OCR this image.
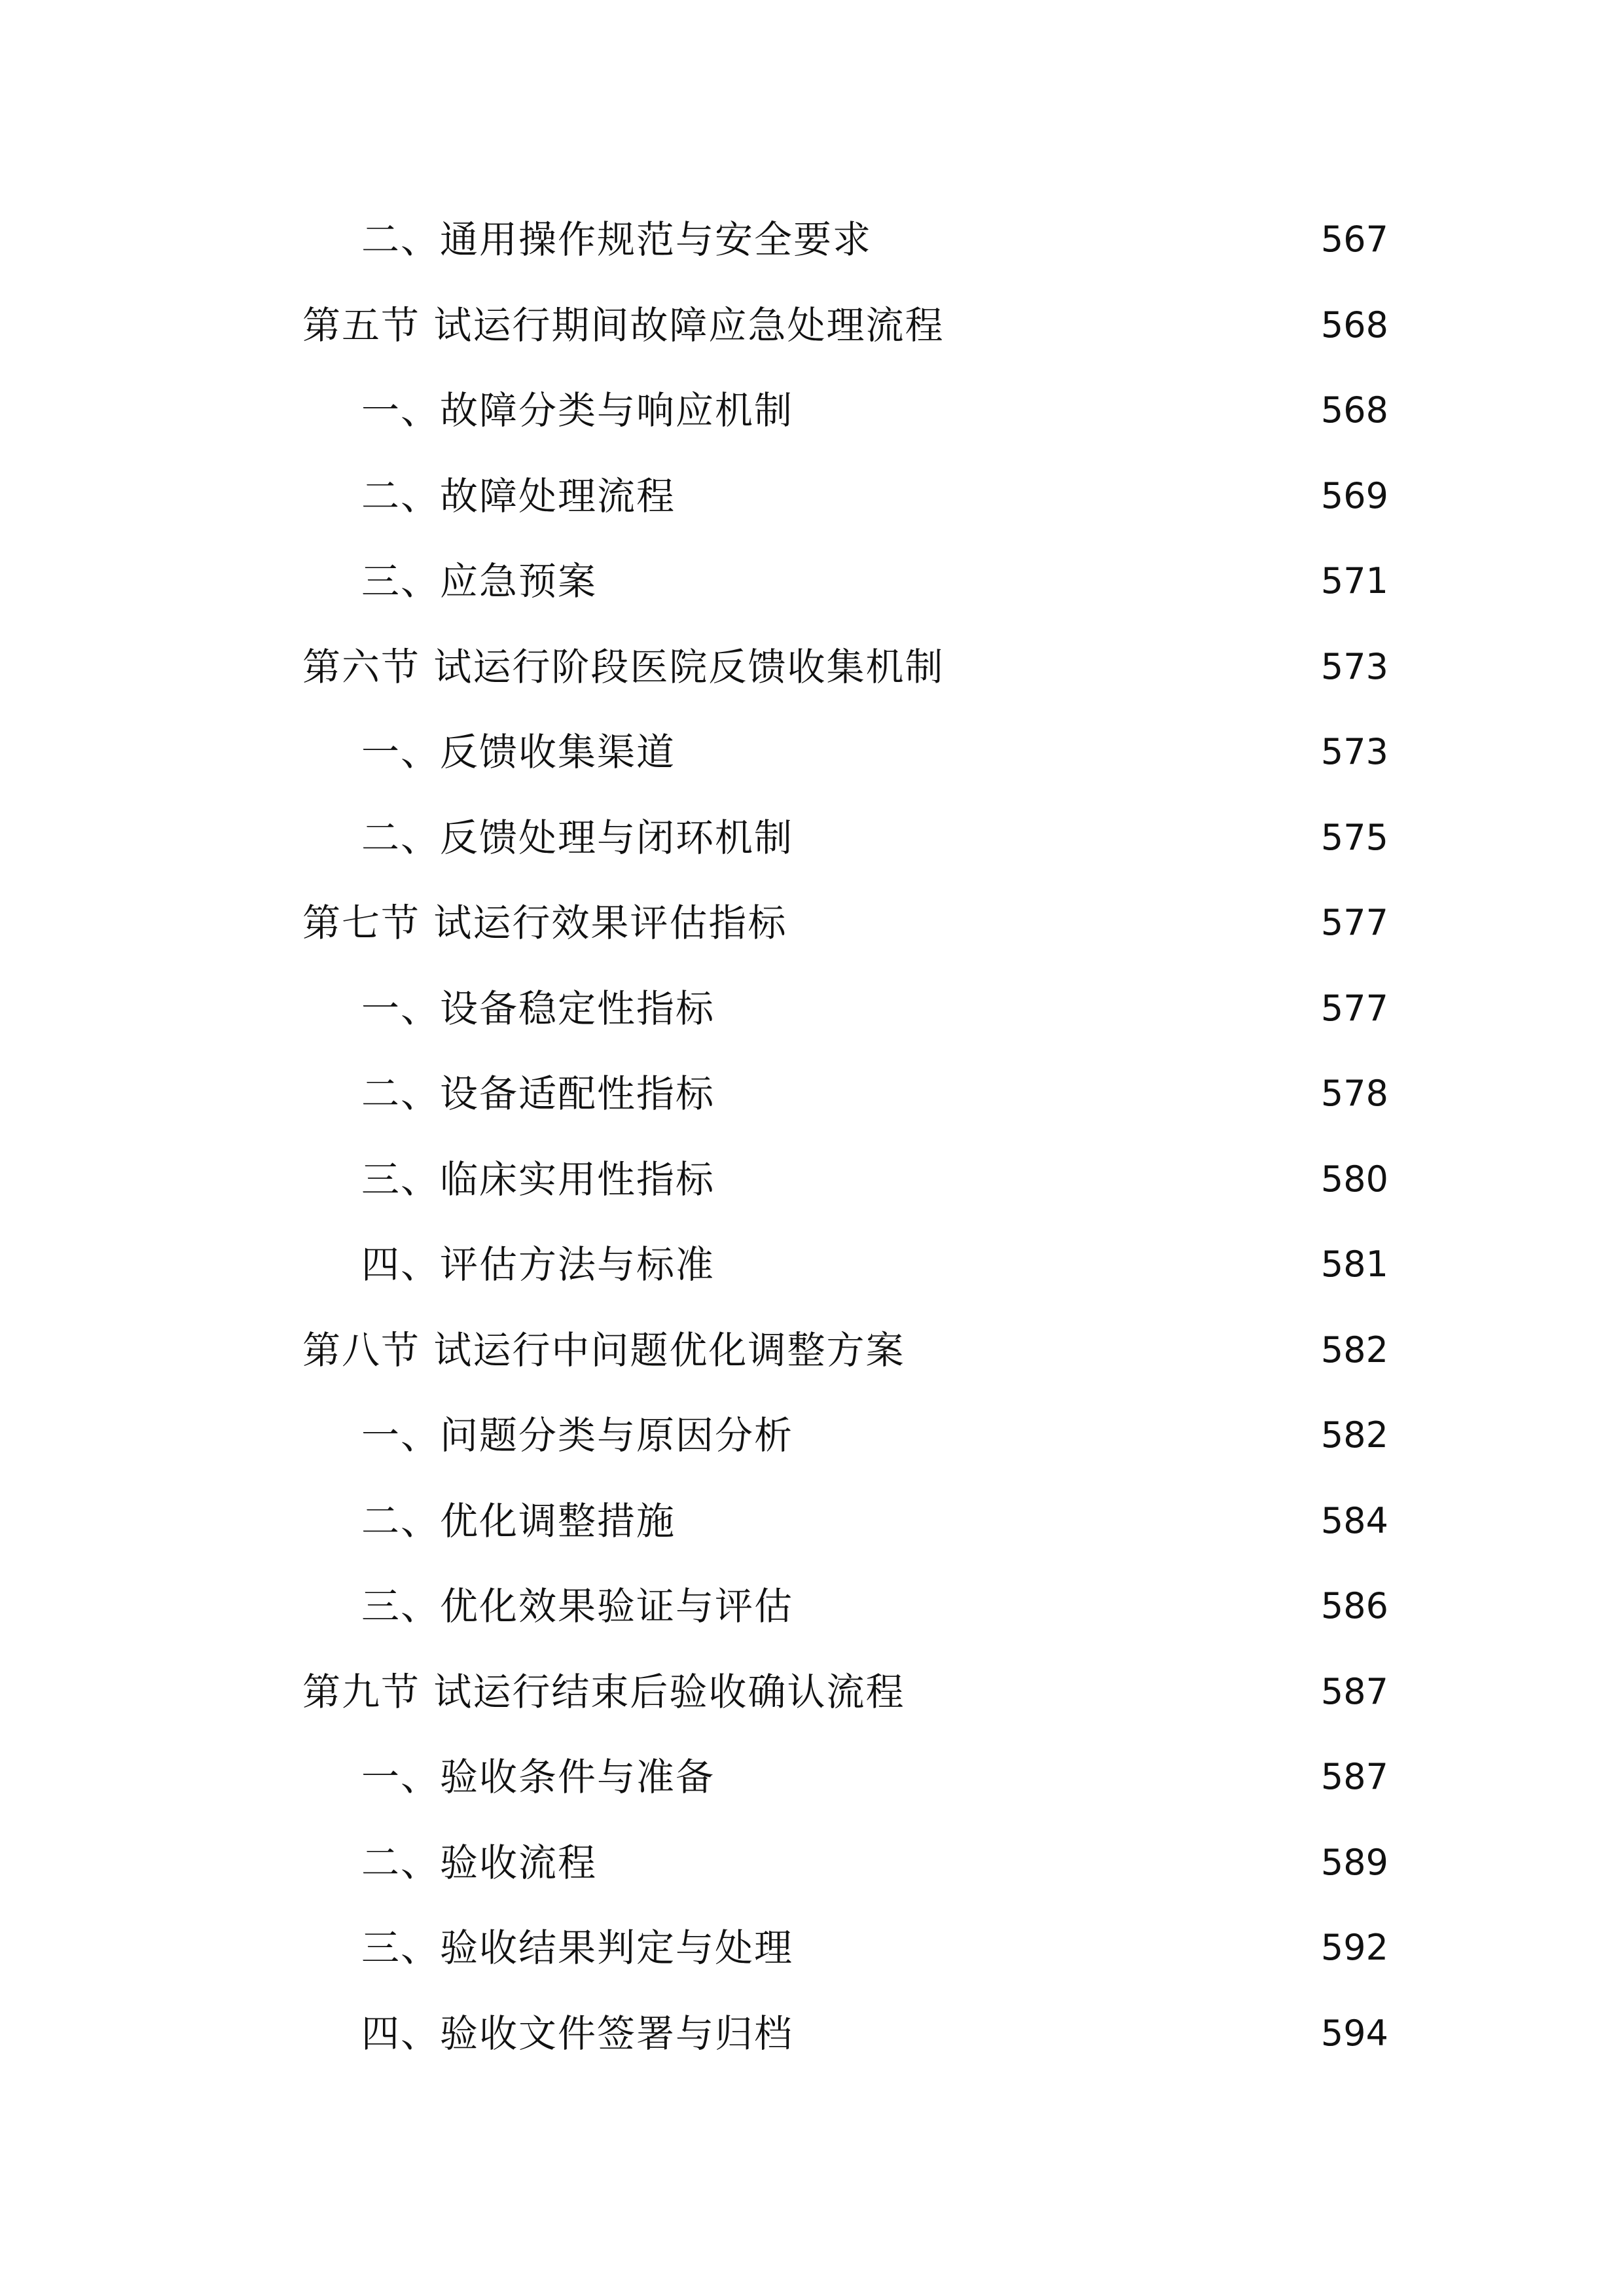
二、通用操作规范与安全要求	567
第五节 试运行期间故障应急处理流程	568
一、故障分类与响应机制	568
二、故障处理流程	569
三、应急预案	571
第六节 试运行阶段医院反馈收集机制	573
一、反馈收集渠道	573
二、反馈处理与闭环机制	575
第七节 试运行效果评估指标	577
一、设备稳定性指标	577
二、设备适配性指标	578
三、临床实用性指标	580
四、评估方法与标准	581
第八节 试运行中问题优化调整方案	582
一、问题分类与原因分析	582
二、优化调整措施	584
三、优化效果验证与评估	586
第九节 试运行结束后验收确认流程	587
一、验收条件与准备	587
二、验收流程	589
三、验收结果判定与处理	592
四、验收文件签署与归档	594
